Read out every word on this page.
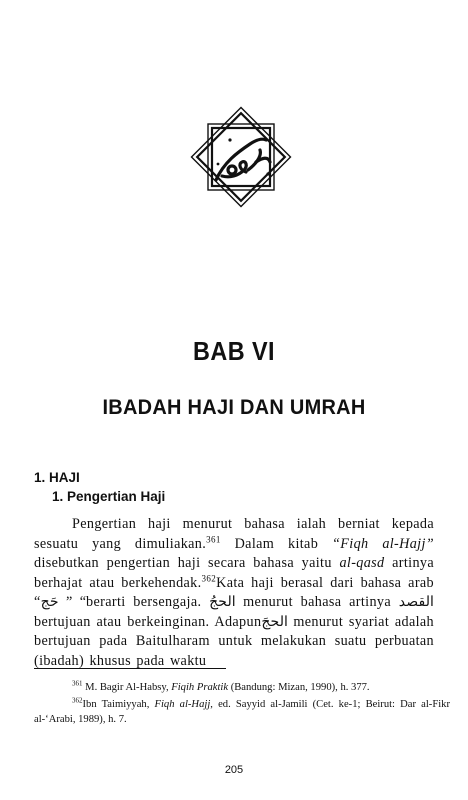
BAB VI
IBADAH HAJI DAN UMRAH
1. HAJI
1. Pengertian Haji
Pengertian haji menurut bahasa ialah berniat kepada sesuatu yang dimuliakan.$^{361}$ Dalam kitab “Fiqh al-Hajj” disebutkan pengertian haji secara bahasa yaitu al-qasd artinya berhajat atau berkehendak.$^{362}$Kata haji berasal dari bahasa arab “حَج ” “berarti bersengaja. الحجُ menurut bahasa artinya القصد bertujuan atau berkeinginan. Adapunالحجَ menurut syariat adalah bertujuan pada Baitulharam untuk melakukan suatu perbuatan (ibadah) khusus pada waktu

$^{361}$ M. Bagir Al-Habsy, Fiqih Praktik (Bandung: Mizan, 1990), h. 377.

$^{362}$Ibn Taimiyyah, Fiqh al-Hajj, ed. Sayyid al-Jamili (Cet. ke-1; Beirut: Dar al-Fikr al-‘Arabi, 1989), h. 7.

205
